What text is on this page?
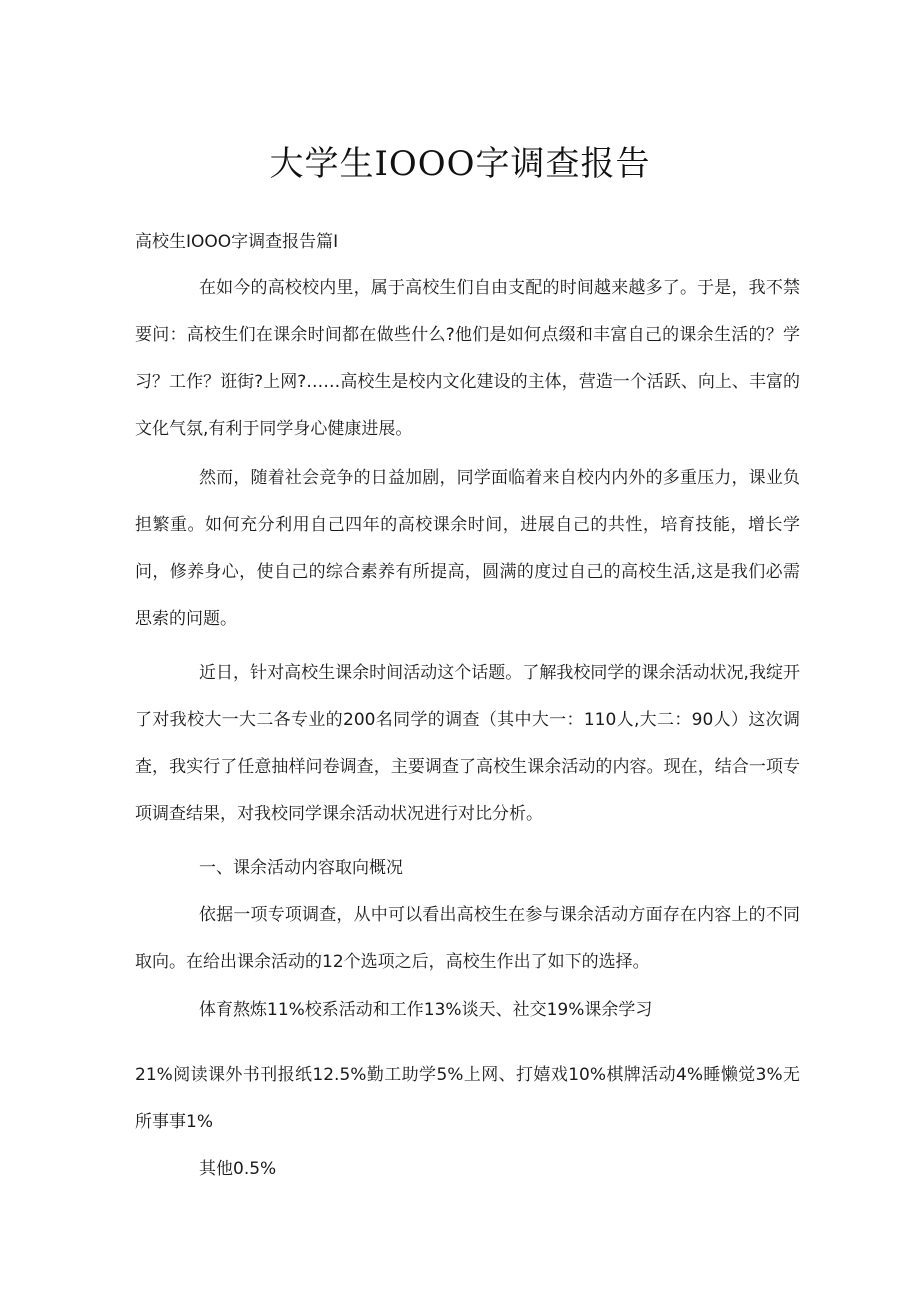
大学生IOOO字调查报告

高校生IOOO字调查报告篇I

在如今的高校校内里，属于高校生们自由支配的时间越来越多了。于是，我不禁要问：高校生们在课余时间都在做些什么?他们是如何点缀和丰富自己的课余生活的？学习？工作？诳街?上网?……高校生是校内文化建设的主体，营造一个活跃、向上、丰富的文化气氛,有利于同学身心健康进展。

然而，随着社会竞争的日益加剧，同学面临着来自校内内外的多重压力，课业负担繁重。如何充分利用自己四年的高校课余时间，进展自己的共性，培育技能，增长学问，修养身心，使自己的综合素养有所提高，圆满的度过自己的高校生活,这是我们必需思索的问题。

近日，针对高校生课余时间活动这个话题。了解我校同学的课余活动状况,我绽开了对我校大一大二各专业的200名同学的调查（其中大一：110人,大二：90人）这次调查，我实行了任意抽样问卷调查，主要调查了高校生课余活动的内容。现在，结合一项专项调查结果，对我校同学课余活动状况进行对比分析。

一、课余活动内容取向概况

依据一项专项调查，从中可以看出高校生在参与课余活动方面存在内容上的不同取向。在给出课余活动的12个选项之后，高校生作出了如下的选择。

体育熬炼11%校系活动和工作13%谈天、社交19%课余学习

21%阅读课外书刊报纸12.5%勤工助学5%上网、打嬉戏10%棋牌活动4%睡懒觉3%无所事事1%

其他0.5%
